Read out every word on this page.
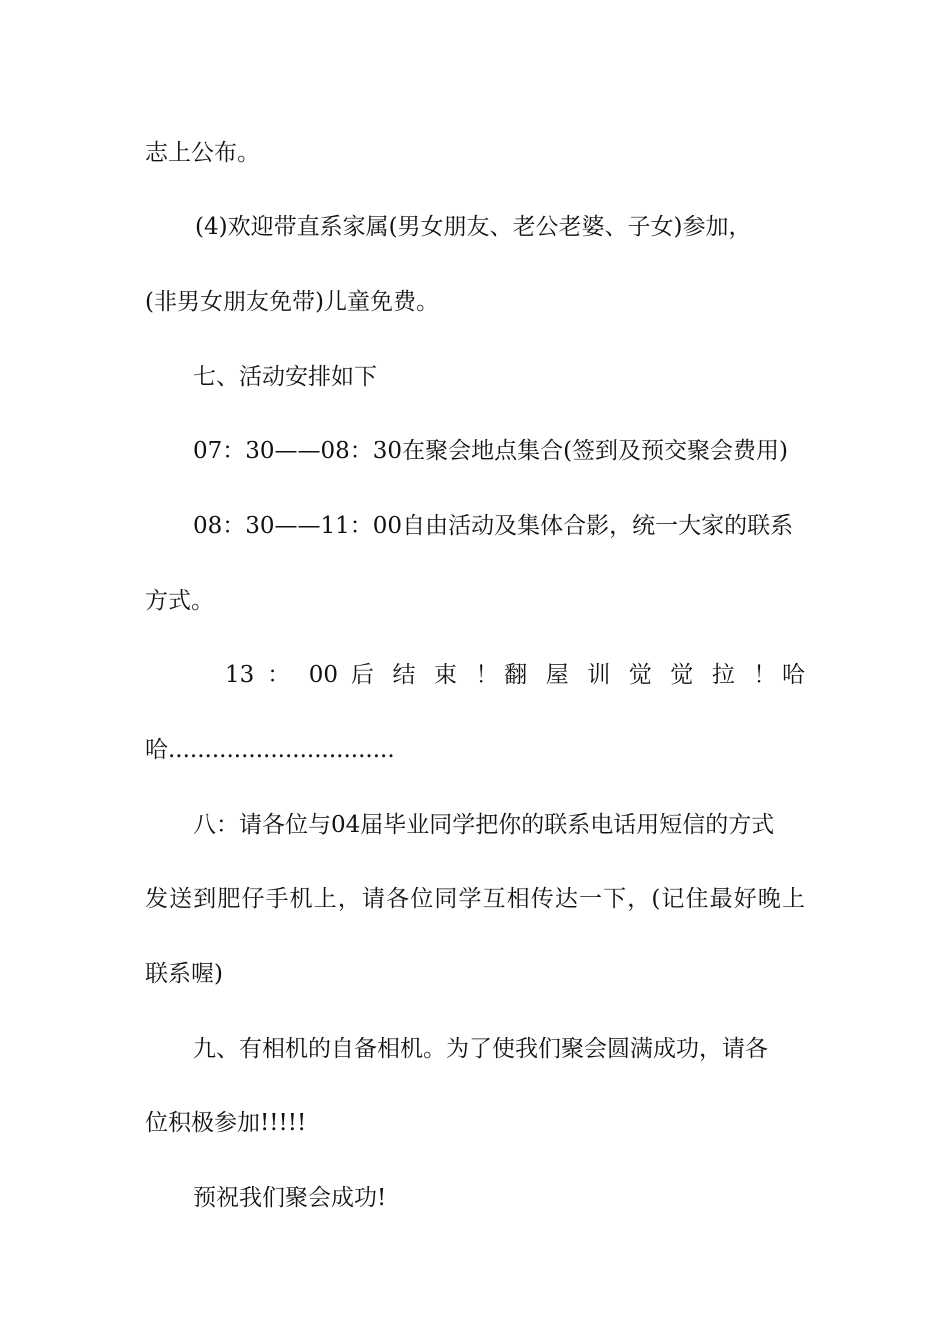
志上公布。
(4)欢迎带直系家属(男女朋友、老公老婆、子女)参加，
(非男女朋友免带)儿童免费。
七、活动安排如下
07：30——08：30在聚会地点集合(签到及预交聚会费用)
08：30——11：00自由活动及集体合影，统一大家的联系
方式。
13 ： 00 后 结 束 ！翻 屋 训 觉 觉 拉 ！哈
哈...............................
八：请各位与04届毕业同学把你的联系电话用短信的方式
发送到肥仔手机上，请各位同学互相传达一下，(记住最好晚上
联系喔)
九、有相机的自备相机。为了使我们聚会圆满成功，请各
位积极参加!!!!!
预祝我们聚会成功!
